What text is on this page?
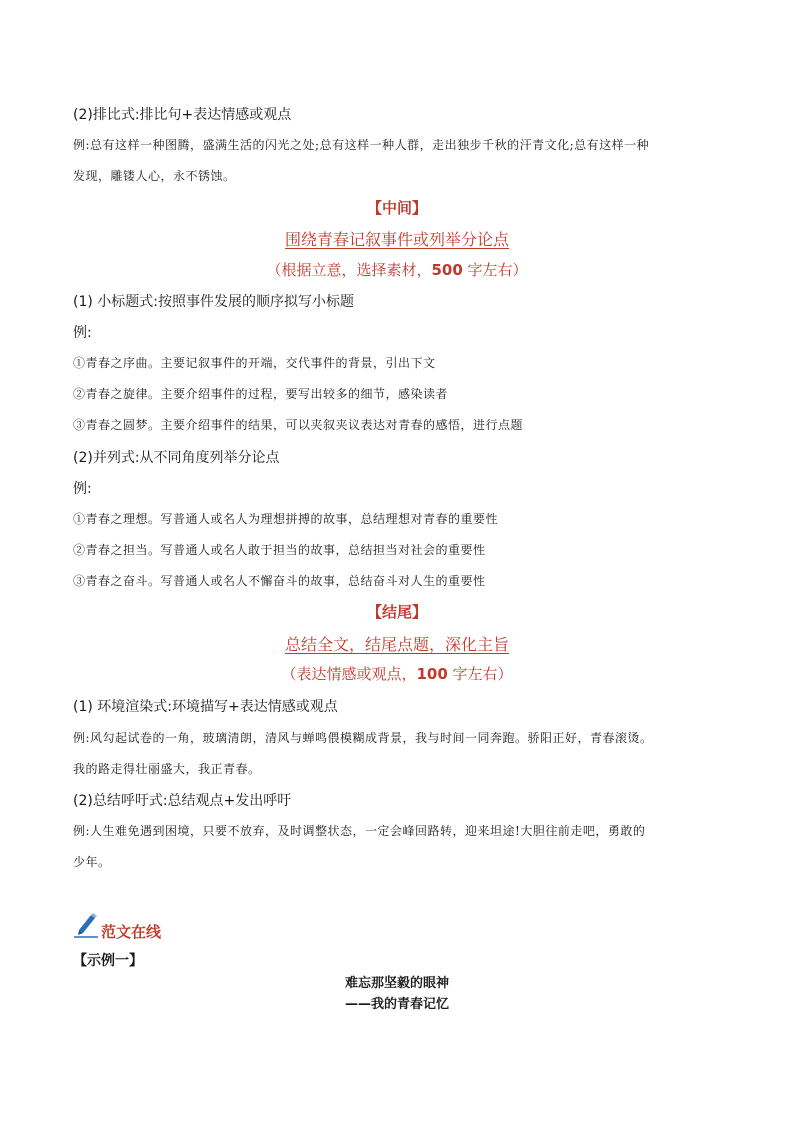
(2)排比式:排比句+表达情感或观点
例:总有这样一种图腾，盛满生活的闪光之处;总有这样一种人群，走出独步千秋的汗青文化;总有这样一种
发现，雕镂人心，永不锈蚀。
【中间】
围绕青春记叙事件或列举分论点
（根据立意，选择素材，500 字左右）
(1) 小标题式:按照事件发展的顺序拟写小标题
例:
①青春之序曲。主要记叙事件的开端，交代事件的背景，引出下文
②青春之旋律。主要介绍事件的过程，要写出较多的细节，感染读者
③青春之圆梦。主要介绍事件的结果，可以夹叙夹议表达对青春的感悟，进行点题
(2)并列式:从不同角度列举分论点
例:
①青春之理想。写普通人或名人为理想拼搏的故事，总结理想对青春的重要性
②青春之担当。写普通人或名人敢于担当的故事，总结担当对社会的重要性
③青春之奋斗。写普通人或名人不懈奋斗的故事，总结奋斗对人生的重要性
【结尾】
总结全文，结尾点题，深化主旨
（表达情感或观点，100 字左右）
(1) 环境渲染式:环境描写+表达情感或观点
例:风勾起试卷的一角，玻璃清朗，清风与蝉鸣偎模糊成背景，我与时间一同奔跑。骄阳正好，青春滚烫。
我的路走得壮丽盛大，我正青春。
(2)总结呼吁式:总结观点+发出呼吁
例:人生难免遇到困境，只要不放弃，及时调整状态，一定会峰回路转，迎来坦途!大胆往前走吧，勇敢的
少年。
范文在线
【示例一】
难忘那坚毅的眼神
——我的青春记忆
